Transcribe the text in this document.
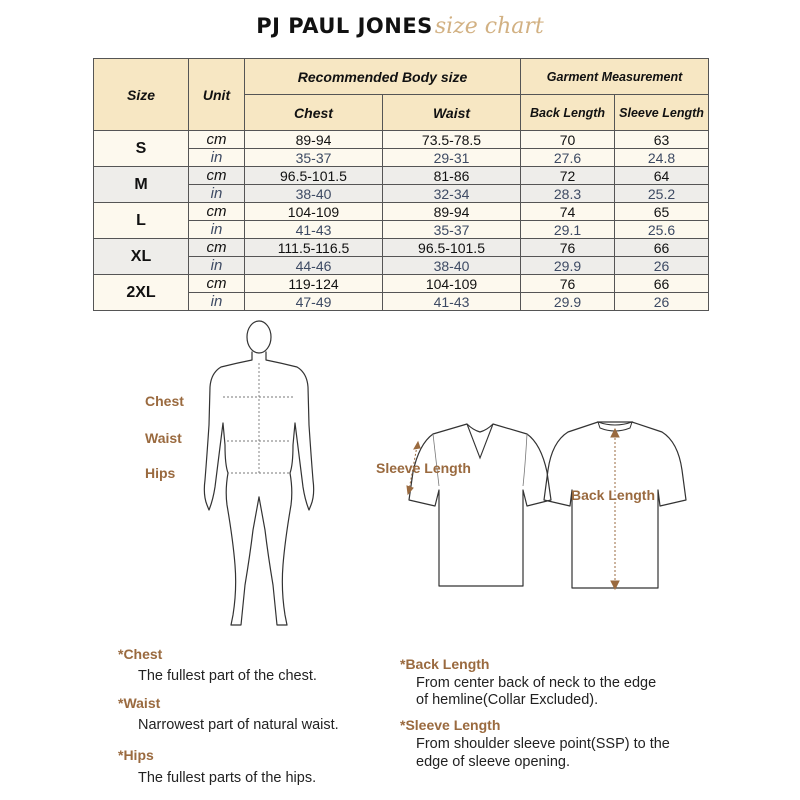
PJ PAUL JONESsize chart
Size	Unit	Recommended Body size		Garment Measurement	
		Chest	Waist	Back Length	Sleeve Length
S	cm	89-94	73.5-78.5	70	63
	in	35-37	29-31	27.6	24.8
M	cm	96.5-101.5	81-86	72	64
	in	38-40	32-34	28.3	25.2
L	cm	104-109	89-94	74	65
	in	41-43	35-37	29.1	25.6
XL	cm	111.5-116.5	96.5-101.5	76	66
	in	44-46	38-40	29.9	26
2XL	cm	119-124	104-109	76	66
	in	47-49	41-43	29.9	26
Chest
Waist
Hips	Sleeve Length
Back Length
*Chest
The fullest part of the chest.
*Waist
Narrowest part of natural waist.
*Hips
The fullest parts of the hips.
*Back Length
From center back of neck to the edge
of hemline(Collar Excluded).
*Sleeve Length
From shoulder sleeve point(SSP) to the
edge of sleeve opening.
